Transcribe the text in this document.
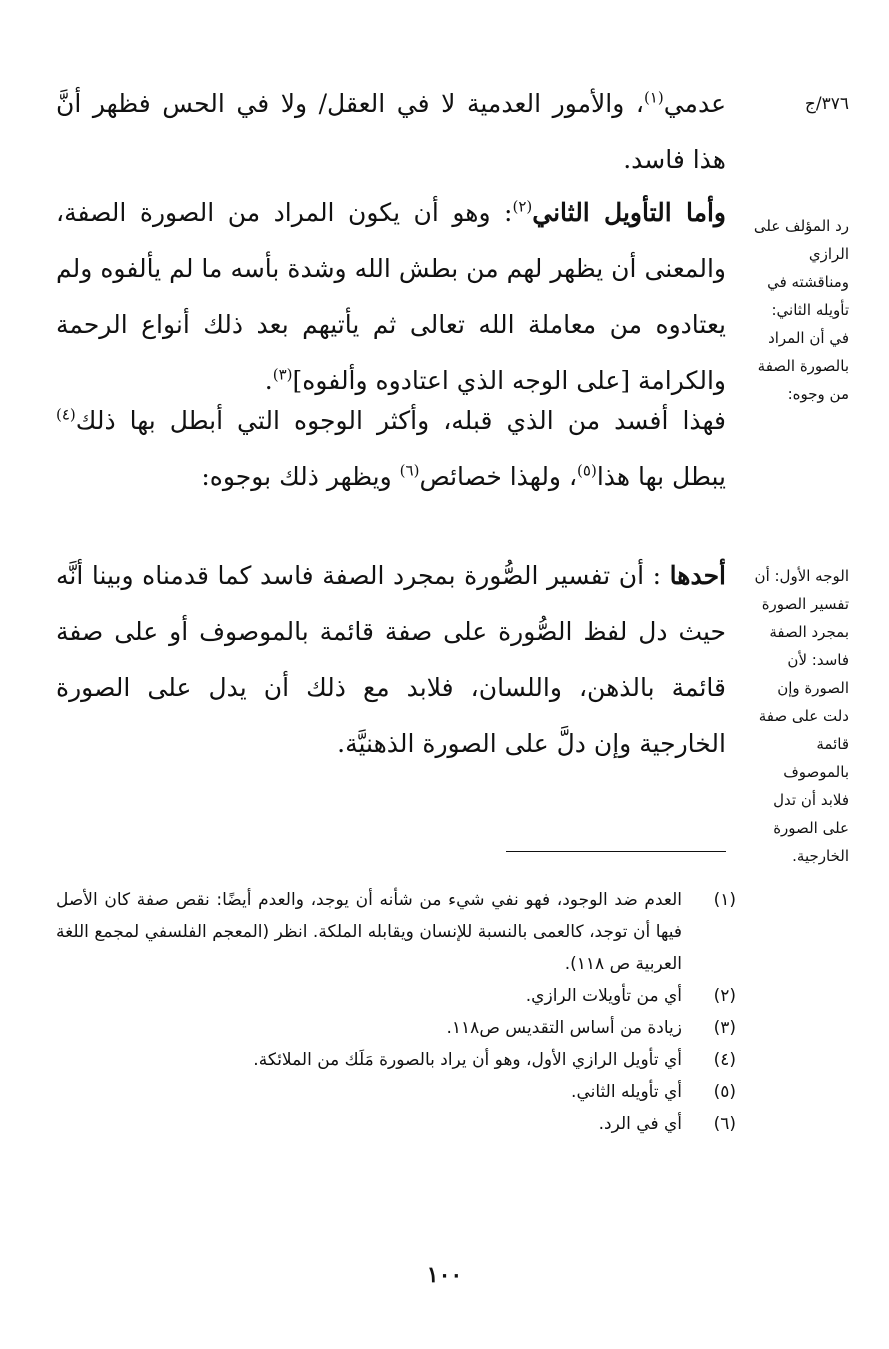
٣٧٦/ج
رد المؤلف على الرازي ومناقشته في تأويله الثاني: في أن المراد بالصورة الصفة من وجوه:
الوجه الأول: أن تفسير الصورة بمجرد الصفة فاسد: لأن الصورة وإن دلت على صفة قائمة بالموصوف فلابد أن تدل على الصورة الخارجية.
عدمي$^{(١)}$، والأمور العدمية لا في العقل/ ولا في الحس فظهر أنَّ هذا فاسد.
وأما التأويل الثاني$^{(٢)}$: وهو أن يكون المراد من الصورة الصفة، والمعنى أن يظهر لهم من بطش الله وشدة بأسه ما لم يألفوه ولم يعتادوه من معاملة الله تعالى ثم يأتيهم بعد ذلك أنواع الرحمة والكرامة [على الوجه الذي اعتادوه وألفوه]$^{(٣)}$.
فهذا أفسد من الذي قبله، وأكثر الوجوه التي أبطل بها ذلك$^{(٤)}$ يبطل بها هذا$^{(٥)}$، ولهذا خصائص$^{(٦)}$ ويظهر ذلك بوجوه:
أحدها : أن تفسير الصُّورة بمجرد الصفة فاسد كما قدمناه وبينا أنَّه حيث دل لفظ الصُّورة على صفة قائمة بالموصوف أو على صفة قائمة بالذهن، واللسان، فلابد مع ذلك أن يدل على الصورة الخارجية وإن دلَّ على الصورة الذهنيَّة.
(١)
العدم ضد الوجود، فهو نفي شيء من شأنه أن يوجد، والعدم أيضًا: نقص صفة كان الأصل فيها أن توجد، كالعمى بالنسبة للإنسان ويقابله الملكة. انظر (المعجم الفلسفي لمجمع اللغة العربية ص ١١٨).
(٢)
أي من تأويلات الرازي.
(٣)
زيادة من أساس التقديس ص١١٨.
(٤)
أي تأويل الرازي الأول، وهو أن يراد بالصورة مَلَك من الملائكة.
(٥)
أي تأويله الثاني.
(٦)
أي في الرد.
١٠٠
